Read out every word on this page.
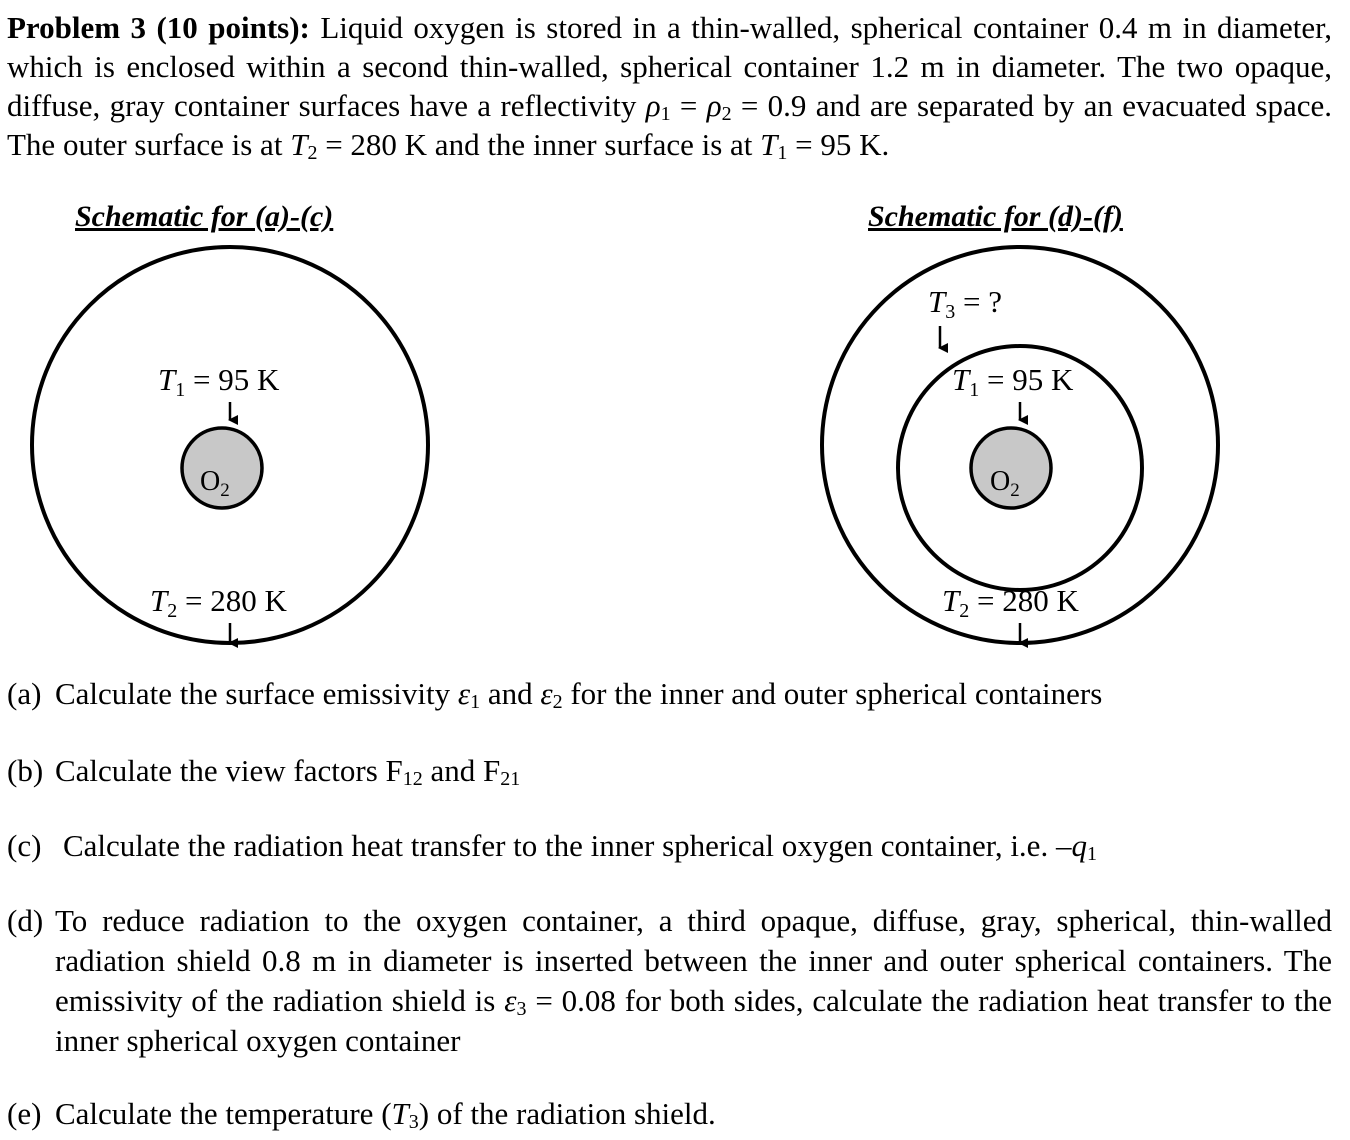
Problem 3 (10 points): Liquid oxygen is stored in a thin-walled, spherical container 0.4 m in diameter, which is enclosed within a second thin-walled, spherical container 1.2 m in diameter. The two opaque, diffuse, gray container surfaces have a reflectivity $\rho_1 = \rho_2 = 0.9$ and are separated by an evacuated space. The outer surface is at $T_2 = 280$ K and the inner surface is at $T_1 = 95$ K.
Schematic for (a)-(c)	Schematic for (d)-(f)
$O_2$
T1 = 95 K
T2 = 280 K
$O_2$
T3 = ?
T1 = 95 K
T2 = 280 K
(a) Calculate the surface emissivity $\varepsilon_1$ and $\varepsilon_2$ for the inner and outer spherical containers
(b) Calculate the view factors $F_{12}$ and $F_{21}$
(c) Calculate the radiation heat transfer to the inner spherical oxygen container, i.e. $-q_1$
(d) To reduce radiation to the oxygen container, a third opaque, diffuse, gray, spherical, thin-walled radiation shield 0.8 m in diameter is inserted between the inner and outer spherical containers. The emissivity of the radiation shield is $\varepsilon_3 = 0.08$ for both sides, calculate the radiation heat transfer to the inner spherical oxygen container
(e) Calculate the temperature $(T_3)$ of the radiation shield.
